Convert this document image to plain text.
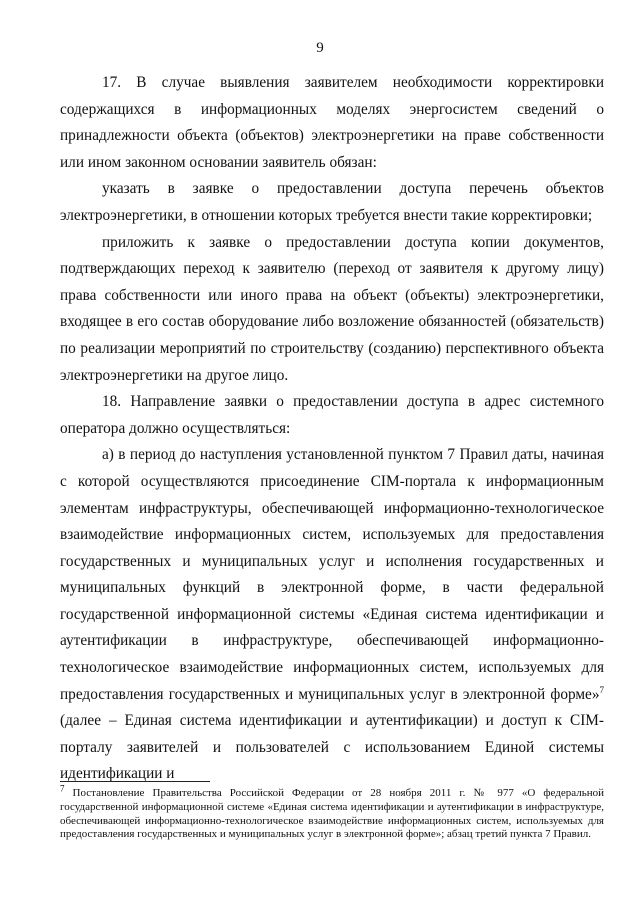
9

17. В случае выявления заявителем необходимости корректировки содержащихся в информационных моделях энергосистем сведений о принадлежности объекта (объектов) электроэнергетики на праве собственности или ином законном основании заявитель обязан:

указать в заявке о предоставлении доступа перечень объектов электроэнергетики, в отношении которых требуется внести такие корректировки;

приложить к заявке о предоставлении доступа копии документов, подтверждающих переход к заявителю (переход от заявителя к другому лицу) права собственности или иного права на объект (объекты) электроэнергетики, входящее в его состав оборудование либо возложение обязанностей (обязательств) по реализации мероприятий по строительству (созданию) перспективного объекта электроэнергетики на другое лицо.

18. Направление заявки о предоставлении доступа в адрес системного оператора должно осуществляться:

а) в период до наступления установленной пунктом 7 Правил даты, начиная с которой осуществляются присоединение CIM-портала к информационным элементам инфраструктуры, обеспечивающей информационно-технологическое взаимодействие информационных систем, используемых для предоставления государственных и муниципальных услуг и исполнения государственных и муниципальных функций в электронной форме, в части федеральной государственной информационной системы «Единая система идентификации и аутентификации в инфраструктуре, обеспечивающей информационно-технологическое взаимодействие информационных систем, используемых для предоставления государственных и муниципальных услуг в электронной форме»$^7$ (далее – Единая система идентификации и аутентификации) и доступ к CIM-порталу заявителей и пользователей с использованием Единой системы идентификации и

$^7$ Постановление Правительства Российской Федерации от 28 ноября 2011 г. № 977 «О федеральной государственной информационной системе «Единая система идентификации и аутентификации в инфраструктуре, обеспечивающей информационно-технологическое взаимодействие информационных систем, используемых для предоставления государственных и муниципальных услуг в электронной форме»; абзац третий пункта 7 Правил.
